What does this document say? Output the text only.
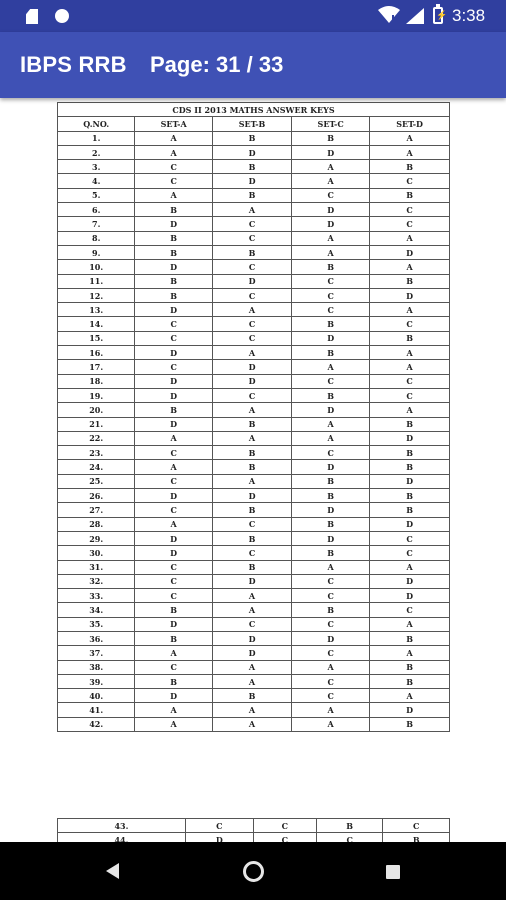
⚡ 3:38
IBPS RRB Page: 31 / 33
CDS II 2013 MATHS ANSWER KEYS				
Q.NO.	SET-A	SET-B	SET-C	SET-D
1.	A	B	B	A
2.	A	D	D	A
3.	C	B	A	B
4.	C	D	A	C
5.	A	B	C	B
6.	B	A	D	C
7.	D	C	D	C
8.	B	C	A	A
9.	B	B	A	D
10.	D	C	B	A
11.	B	D	C	B
12.	B	C	C	D
13.	D	A	C	A
14.	C	C	B	C
15.	C	C	D	B
16.	D	A	B	A
17.	C	D	A	A
18.	D	D	C	C
19.	D	C	B	C
20.	B	A	D	A
21.	D	B	A	B
22.	A	A	A	D
23.	C	B	C	B
24.	A	B	D	B
25.	C	A	B	D
26.	D	D	B	B
27.	C	B	D	B
28.	A	C	B	D
29.	D	B	D	C
30.	D	C	B	C
31.	C	B	A	A
32.	C	D	C	D
33.	C	A	C	D
34.	B	A	B	C
35.	D	C	C	A
36.	B	D	D	B
37.	A	D	C	A
38.	C	A	A	B
39.	B	A	C	B
40.	D	B	C	A
41.	A	A	A	D
42.	A	A	A	B
43.	C	C	B	C
44.	D	C	C	B
